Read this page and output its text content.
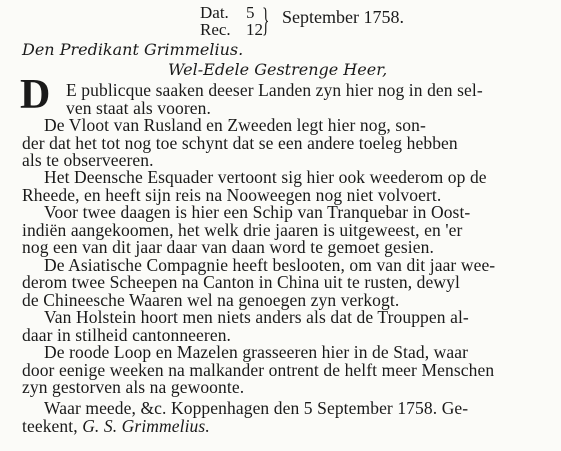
Dat.	5
Rec. 12 } September 1758.
Den Predikant Grimmelius.
Wel-Edele Gestrenge Heer,
D E publicque saaken deeser Landen zyn hier nog in den sel-
ven staat als vooren.
De Vloot van Rusland en Zweeden legt hier nog, son-
der dat het tot nog toe schynt dat se een andere toeleg hebben
als te observeeren.
Het Deensche Esquader vertoont sig hier ook weederom op de
Rheede, en heeft sijn reis na Nooweegen nog niet volvoert.
Voor twee daagen is hier een Schip van Tranquebar in Oost-
indiën aangekoomen, het welk drie jaaren is uitgeweest, en 'er
nog een van dit jaar daar van daan word te gemoet gesien.
De Asiatische Compagnie heeft beslooten, om van dit jaar wee-
derom twee Scheepen na Canton in China uit te rusten, dewyl
de Chineesche Waaren wel na genoegen zyn verkogt.
Van Holstein hoort men niets anders als dat de Trouppen al-
daar in stilheid cantonneeren.
De roode Loop en Mazelen grasseeren hier in de Stad, waar
door eenige weeken na malkander ontrent de helft meer Menschen
zyn gestorven als na gewoonte.
Waar meede, &c. Koppenhagen den 5 September 1758. Ge-
teekent, G. S. Grimmelius.
